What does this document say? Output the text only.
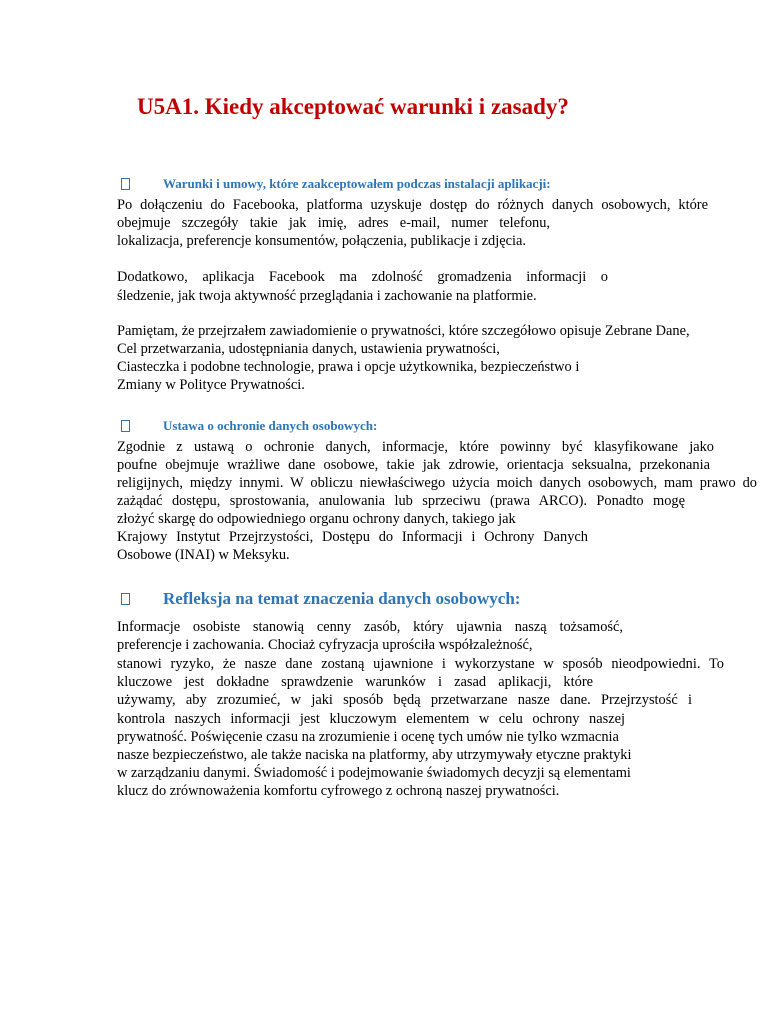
U5A1. Kiedy akceptować warunki i zasady?
Warunki i umowy, które zaakceptowałem podczas instalacji aplikacji:
Po dołączeniu do Facebooka, platforma uzyskuje dostęp do różnych danych osobowych, które
obejmuje szczegóły takie jak imię, adres e-mail, numer telefonu,
lokalizacja, preferencje konsumentów, połączenia, publikacje i zdjęcia.
Dodatkowo, aplikacja Facebook ma zdolność gromadzenia informacji o
śledzenie, jak twoja aktywność przeglądania i zachowanie na platformie.
Pamiętam, że przejrzałem zawiadomienie o prywatności, które szczegółowo opisuje Zebrane Dane,
Cel przetwarzania, udostępniania danych, ustawienia prywatności,
Ciasteczka i podobne technologie, prawa i opcje użytkownika, bezpieczeństwo i
Zmiany w Polityce Prywatności.
Ustawa o ochronie danych osobowych:
Zgodnie z ustawą o ochronie danych, informacje, które powinny być klasyfikowane jako
poufne obejmuje wrażliwe dane osobowe, takie jak zdrowie, orientacja seksualna, przekonania
religijnych, między innymi. W obliczu niewłaściwego użycia moich danych osobowych, mam prawo do
zażądać dostępu, sprostowania, anulowania lub sprzeciwu (prawa ARCO). Ponadto mogę
złożyć skargę do odpowiedniego organu ochrony danych, takiego jak
Krajowy Instytut Przejrzystości, Dostępu do Informacji i Ochrony Danych
Osobowe (INAI) w Meksyku.
Refleksja na temat znaczenia danych osobowych:
Informacje osobiste stanowią cenny zasób, który ujawnia naszą tożsamość,
preferencje i zachowania. Chociaż cyfryzacja uprościła współzależność,
stanowi ryzyko, że nasze dane zostaną ujawnione i wykorzystane w sposób nieodpowiedni. To
kluczowe jest dokładne sprawdzenie warunków i zasad aplikacji, które
używamy, aby zrozumieć, w jaki sposób będą przetwarzane nasze dane. Przejrzystość i
kontrola naszych informacji jest kluczowym elementem w celu ochrony naszej
prywatność. Poświęcenie czasu na zrozumienie i ocenę tych umów nie tylko wzmacnia
nasze bezpieczeństwo, ale także naciska na platformy, aby utrzymywały etyczne praktyki
w zarządzaniu danymi. Świadomość i podejmowanie świadomych decyzji są elementami
klucz do zrównoważenia komfortu cyfrowego z ochroną naszej prywatności.
